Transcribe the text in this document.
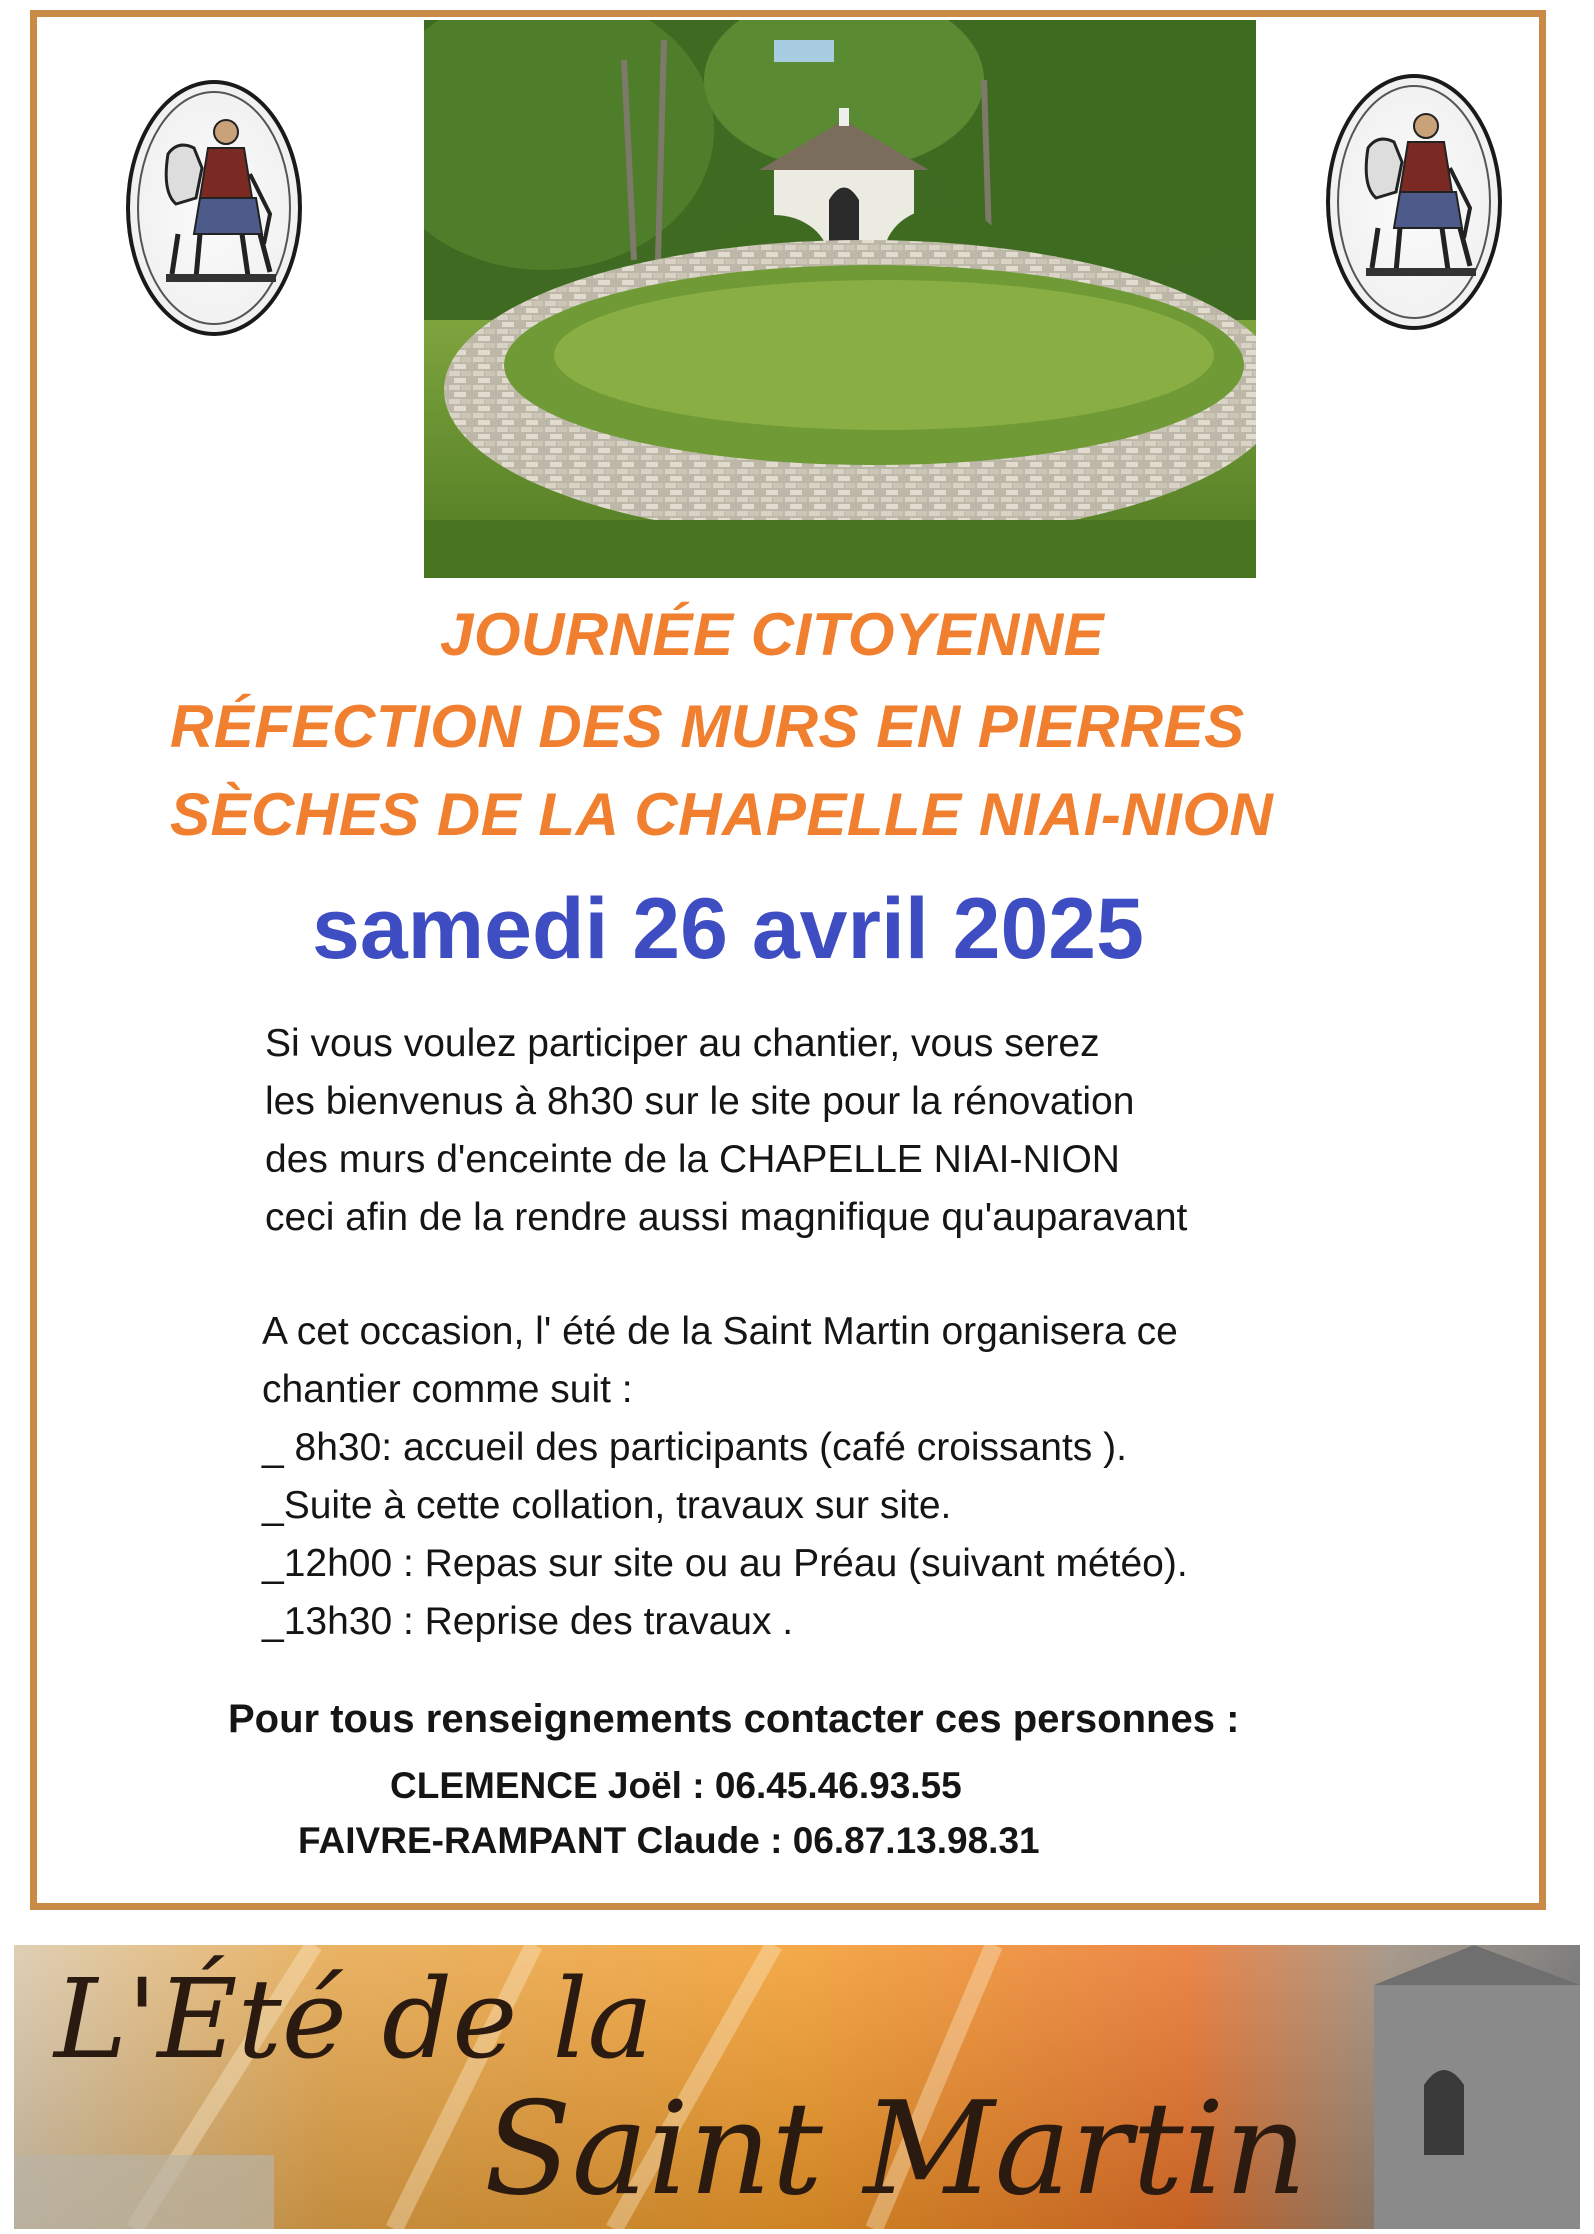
JOURNÉE CITOYENNE
RÉFECTION DES MURS EN PIERRES
SÈCHES DE LA CHAPELLE NIAI-NION
samedi 26 avril 2025
Si vous voulez participer au chantier, vous serez
les bienvenus à 8h30 sur le site pour la rénovation
des murs d'enceinte de la CHAPELLE NIAI-NION
ceci afin de la rendre aussi magnifique qu'auparavant
A cet occasion, l' été de la Saint Martin organisera ce
chantier comme suit :
_ 8h30: accueil des participants (café croissants ).
_Suite à cette collation, travaux sur site.
_12h00 : Repas sur site ou au Préau (suivant météo).
_13h30 : Reprise des travaux .
Pour tous renseignements contacter ces personnes :
CLEMENCE Joël : 06.45.46.93.55
FAIVRE-RAMPANT Claude : 06.87.13.98.31
L'Été de la
Saint Martin
